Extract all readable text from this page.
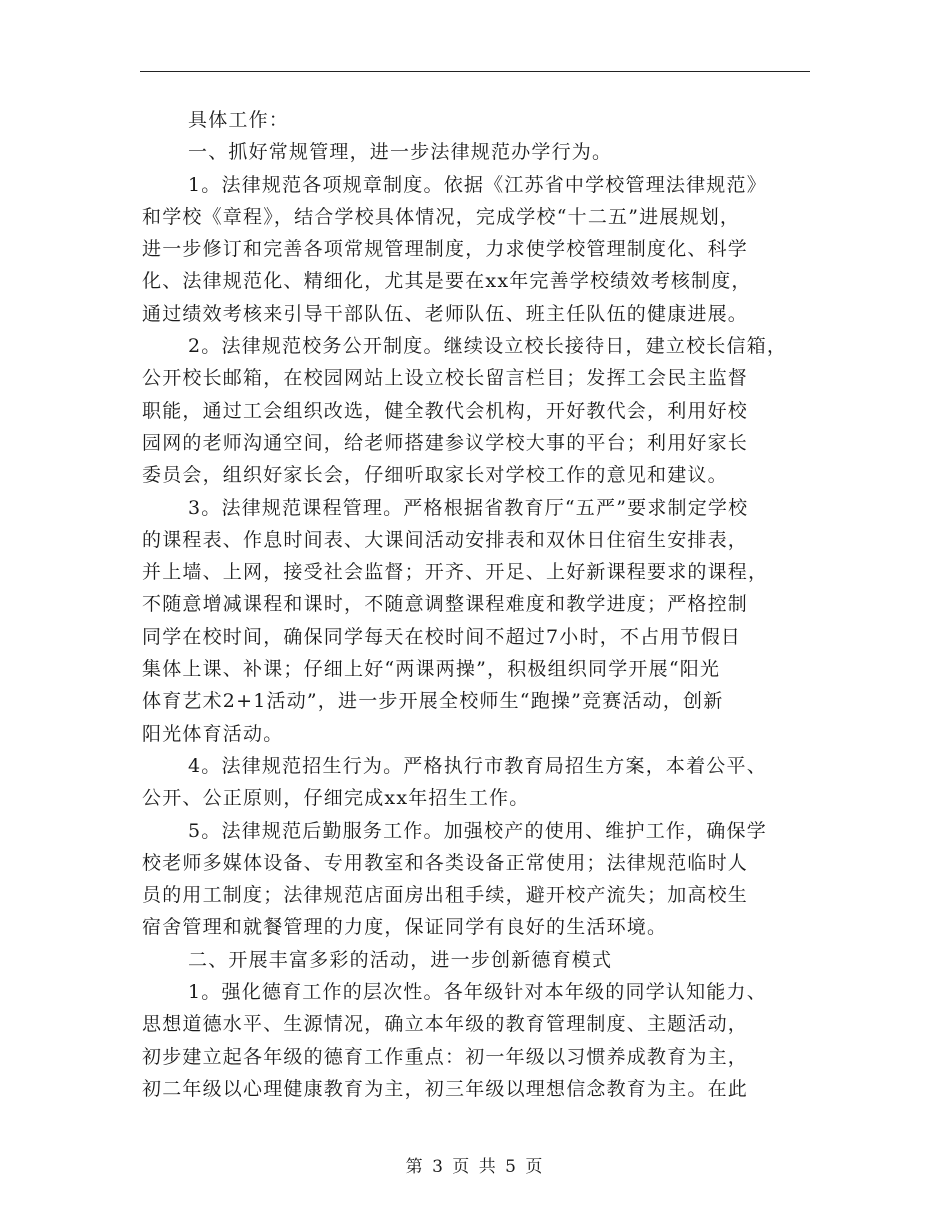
具体工作：
一、抓好常规管理，进一步法律规范办学行为。
1。法律规范各项规章制度。依据《江苏省中学校管理法律规范》
和学校《章程》，结合学校具体情况，完成学校“十二五”进展规划，
进一步修订和完善各项常规管理制度，力求使学校管理制度化、科学
化、法律规范化、精细化，尤其是要在xx年完善学校绩效考核制度，
通过绩效考核来引导干部队伍、老师队伍、班主任队伍的健康进展。
2。法律规范校务公开制度。继续设立校长接待日，建立校长信箱，
公开校长邮箱，在校园网站上设立校长留言栏目；发挥工会民主监督
职能，通过工会组织改选，健全教代会机构，开好教代会，利用好校
园网的老师沟通空间，给老师搭建参议学校大事的平台；利用好家长
委员会，组织好家长会，仔细听取家长对学校工作的意见和建议。
3。法律规范课程管理。严格根据省教育厅“五严”要求制定学校
的课程表、作息时间表、大课间活动安排表和双休日住宿生安排表，
并上墙、上网，接受社会监督；开齐、开足、上好新课程要求的课程，
不随意增减课程和课时，不随意调整课程难度和教学进度；严格控制
同学在校时间，确保同学每天在校时间不超过7小时，不占用节假日
集体上课、补课；仔细上好“两课两操”，积极组织同学开展“阳光
体育艺术2+1活动”，进一步开展全校师生“跑操”竞赛活动，创新
阳光体育活动。
4。法律规范招生行为。严格执行市教育局招生方案，本着公平、
公开、公正原则，仔细完成xx年招生工作。
5。法律规范后勤服务工作。加强校产的使用、维护工作，确保学
校老师多媒体设备、专用教室和各类设备正常使用；法律规范临时人
员的用工制度；法律规范店面房出租手续，避开校产流失；加高校生
宿舍管理和就餐管理的力度，保证同学有良好的生活环境。
二、开展丰富多彩的活动，进一步创新德育模式
1。强化德育工作的层次性。各年级针对本年级的同学认知能力、
思想道德水平、生源情况，确立本年级的教育管理制度、主题活动，
初步建立起各年级的德育工作重点：初一年级以习惯养成教育为主，
初二年级以心理健康教育为主，初三年级以理想信念教育为主。在此
第 3 页 共 5 页
